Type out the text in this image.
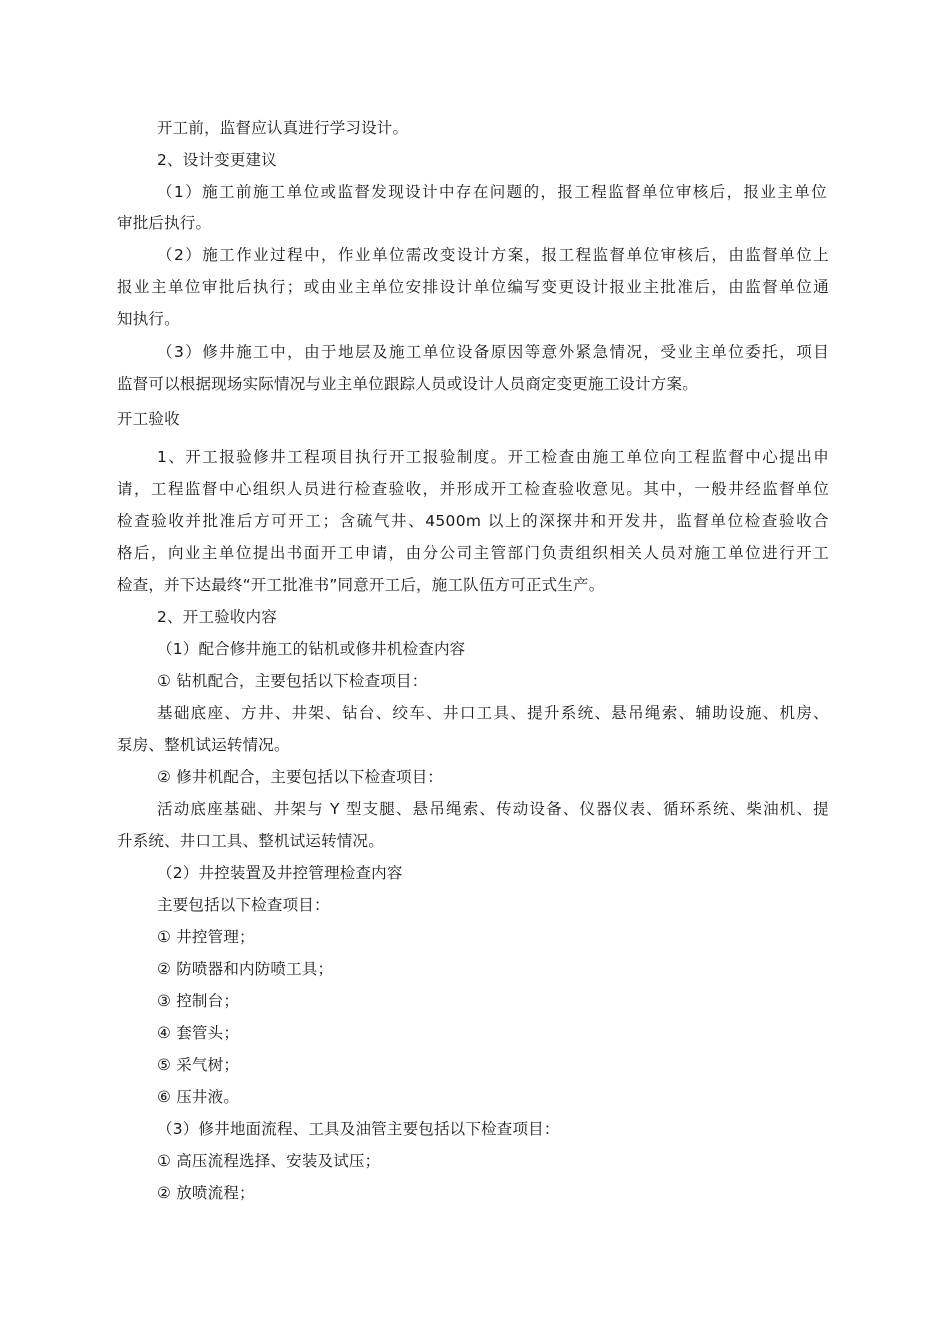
开工前，监督应认真进行学习设计。
2、设计变更建议
（1）施工前施工单位或监督发现设计中存在问题的，报工程监督单位审核后，报业主单位
审批后执行。
（2）施工作业过程中，作业单位需改变设计方案，报工程监督单位审核后，由监督单位上
报业主单位审批后执行；或由业主单位安排设计单位编写变更设计报业主批准后，由监督单位通
知执行。
（3）修井施工中，由于地层及施工单位设备原因等意外紧急情况，受业主单位委托，项目
监督可以根据现场实际情况与业主单位跟踪人员或设计人员商定变更施工设计方案。
开工验收
1、开工报验修井工程项目执行开工报验制度。开工检查由施工单位向工程监督中心提出申
请，工程监督中心组织人员进行检查验收，并形成开工检查验收意见。其中，一般井经监督单位
检查验收并批准后方可开工；含硫气井、4500m 以上的深探井和开发井，监督单位检查验收合
格后，向业主单位提出书面开工申请，由分公司主管部门负责组织相关人员对施工单位进行开工
检查，并下达最终“开工批准书”同意开工后，施工队伍方可正式生产。
2、开工验收内容
（1）配合修井施工的钻机或修井机检查内容
① 钻机配合，主要包括以下检查项目：
基础底座、方井、井架、钻台、绞车、井口工具、提升系统、悬吊绳索、辅助设施、机房、
泵房、整机试运转情况。
② 修井机配合，主要包括以下检查项目：
活动底座基础、井架与 Y 型支腿、悬吊绳索、传动设备、仪器仪表、循环系统、柴油机、提
升系统、井口工具、整机试运转情况。
（2）井控装置及井控管理检查内容
主要包括以下检查项目：
① 井控管理；
② 防喷器和内防喷工具；
③ 控制台；
④ 套管头；
⑤ 采气树；
⑥ 压井液。
（3）修井地面流程、工具及油管主要包括以下检查项目：
① 高压流程选择、安装及试压；
② 放喷流程；
